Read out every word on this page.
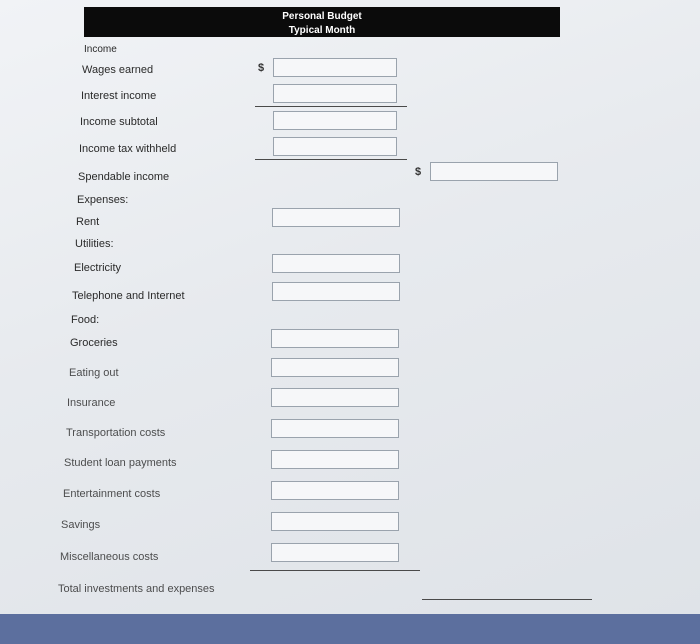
Personal Budget
Typical Month
Income
Wages earned
Interest income
Income subtotal
Income tax withheld
Spendable income
Expenses:
Rent
Utilities:
Electricity
Telephone and Internet
Food:
Groceries
Eating out
Insurance
Transportation costs
Student loan payments
Entertainment costs
Savings
Miscellaneous costs
Total investments and expenses
$
$
